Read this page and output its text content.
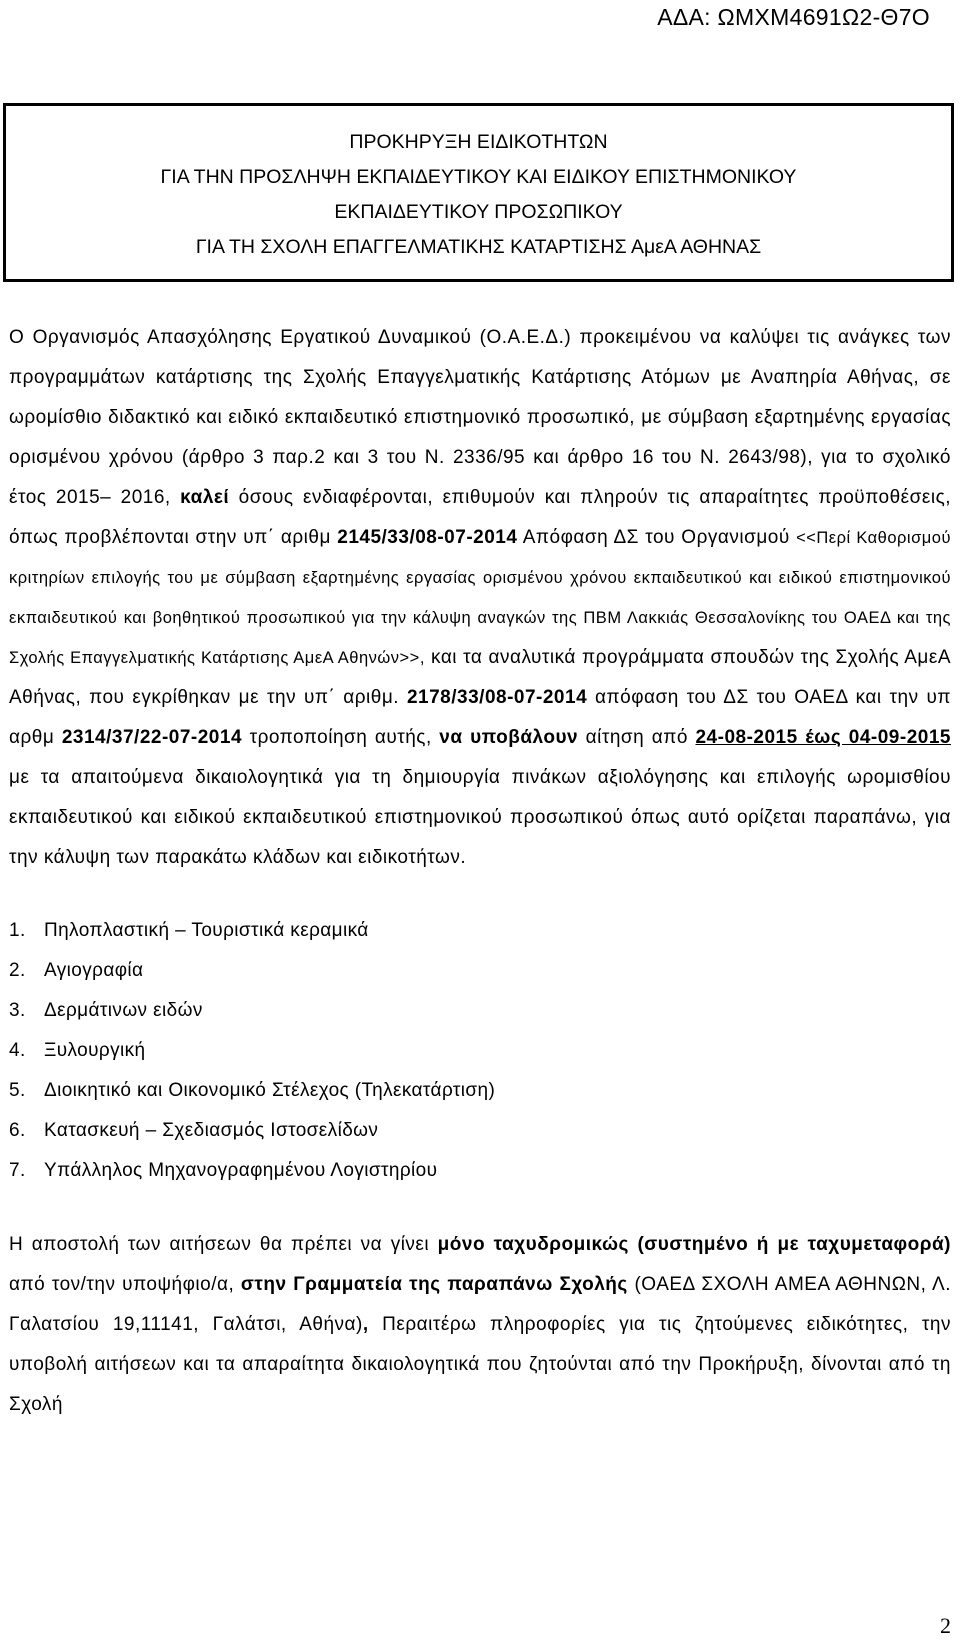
ΑΔΑ: ΩΜΧΜ4691Ω2-Θ7Ο
ΠΡΟΚΗΡΥΞΗ ΕΙΔΙΚΟΤΗΤΩΝ
ΓΙΑ ΤΗΝ ΠΡΟΣΛΗΨΗ ΕΚΠΑΙΔΕΥΤΙΚΟΥ ΚΑΙ ΕΙΔΙΚΟΥ ΕΠΙΣΤΗΜΟΝΙΚΟΥ
ΕΚΠΑΙΔΕΥΤΙΚΟΥ ΠΡΟΣΩΠΙΚΟΥ
ΓΙΑ ΤΗ ΣΧΟΛΗ ΕΠΑΓΓΕΛΜΑΤΙΚΗΣ ΚΑΤΑΡΤΙΣΗΣ ΑμεΑ ΑΘΗΝΑΣ
Ο Οργανισμός Απασχόλησης Εργατικού Δυναμικού (Ο.Α.Ε.Δ.) προκειμένου να καλύψει τις ανάγκες των προγραμμάτων κατάρτισης της Σχολής Επαγγελματικής Κατάρτισης Ατόμων με Αναπηρία Αθήνας, σε ωρομίσθιο διδακτικό και ειδικό εκπαιδευτικό επιστημονικό προσωπικό, με σύμβαση εξαρτημένης εργασίας ορισμένου χρόνου (άρθρο 3 παρ.2 και 3 του Ν. 2336/95 και άρθρο 16 του Ν. 2643/98), για το σχολικό έτος 2015– 2016, καλεί όσους ενδιαφέρονται, επιθυμούν και πληρούν τις απαραίτητες προϋποθέσεις, όπως προβλέπονται στην υπ΄ αριθμ 2145/33/08-07-2014 Απόφαση ΔΣ του Οργανισμού <<Περί Καθορισμού κριτηρίων επιλογής του με σύμβαση εξαρτημένης εργασίας ορισμένου χρόνου εκπαιδευτικού και ειδικού επιστημονικού εκπαιδευτικού και βοηθητικού προσωπικού για την κάλυψη αναγκών της ΠΒΜ Λακκιάς Θεσσαλονίκης του ΟΑΕΔ και της Σχολής Επαγγελματικής Κατάρτισης ΑμεΑ Αθηνών>>, και τα αναλυτικά προγράμματα σπουδών της Σχολής ΑμεΑ Αθήνας, που εγκρίθηκαν με την υπ΄ αριθμ. 2178/33/08-07-2014 απόφαση του ΔΣ του ΟΑΕΔ και την υπ αρθμ 2314/37/22-07-2014 τροποποίηση αυτής, να υποβάλουν αίτηση από 24-08-2015 έως 04-09-2015 με τα απαιτούμενα δικαιολογητικά για τη δημιουργία πινάκων αξιολόγησης και επιλογής ωρομισθίου εκπαιδευτικού και ειδικού εκπαιδευτικού επιστημονικού προσωπικού όπως αυτό ορίζεται παραπάνω, για την κάλυψη των παρακάτω κλάδων και ειδικοτήτων.
1. Πηλοπλαστική – Τουριστικά κεραμικά
2. Αγιογραφία
3. Δερμάτινων ειδών
4. Ξυλουργική
5. Διοικητικό και Οικονομικό Στέλεχος (Τηλεκατάρτιση)
6. Κατασκευή – Σχεδιασμός Ιστοσελίδων
7. Υπάλληλος Μηχανογραφημένου Λογιστηρίου
Η αποστολή των αιτήσεων θα πρέπει να γίνει μόνο ταχυδρομικώς (συστημένο ή με ταχυμεταφορά) από τον/την υποψήφιο/α, στην Γραμματεία της παραπάνω Σχολής (ΟΑΕΔ ΣΧΟΛΗ ΑΜΕΑ ΑΘΗΝΩΝ, Λ. Γαλατσίου 19,11141, Γαλάτσι, Αθήνα), Περαιτέρω πληροφορίες για τις ζητούμενες ειδικότητες, την υποβολή αιτήσεων και τα απαραίτητα δικαιολογητικά που ζητούνται από την Προκήρυξη, δίνονται από τη Σχολή
2
